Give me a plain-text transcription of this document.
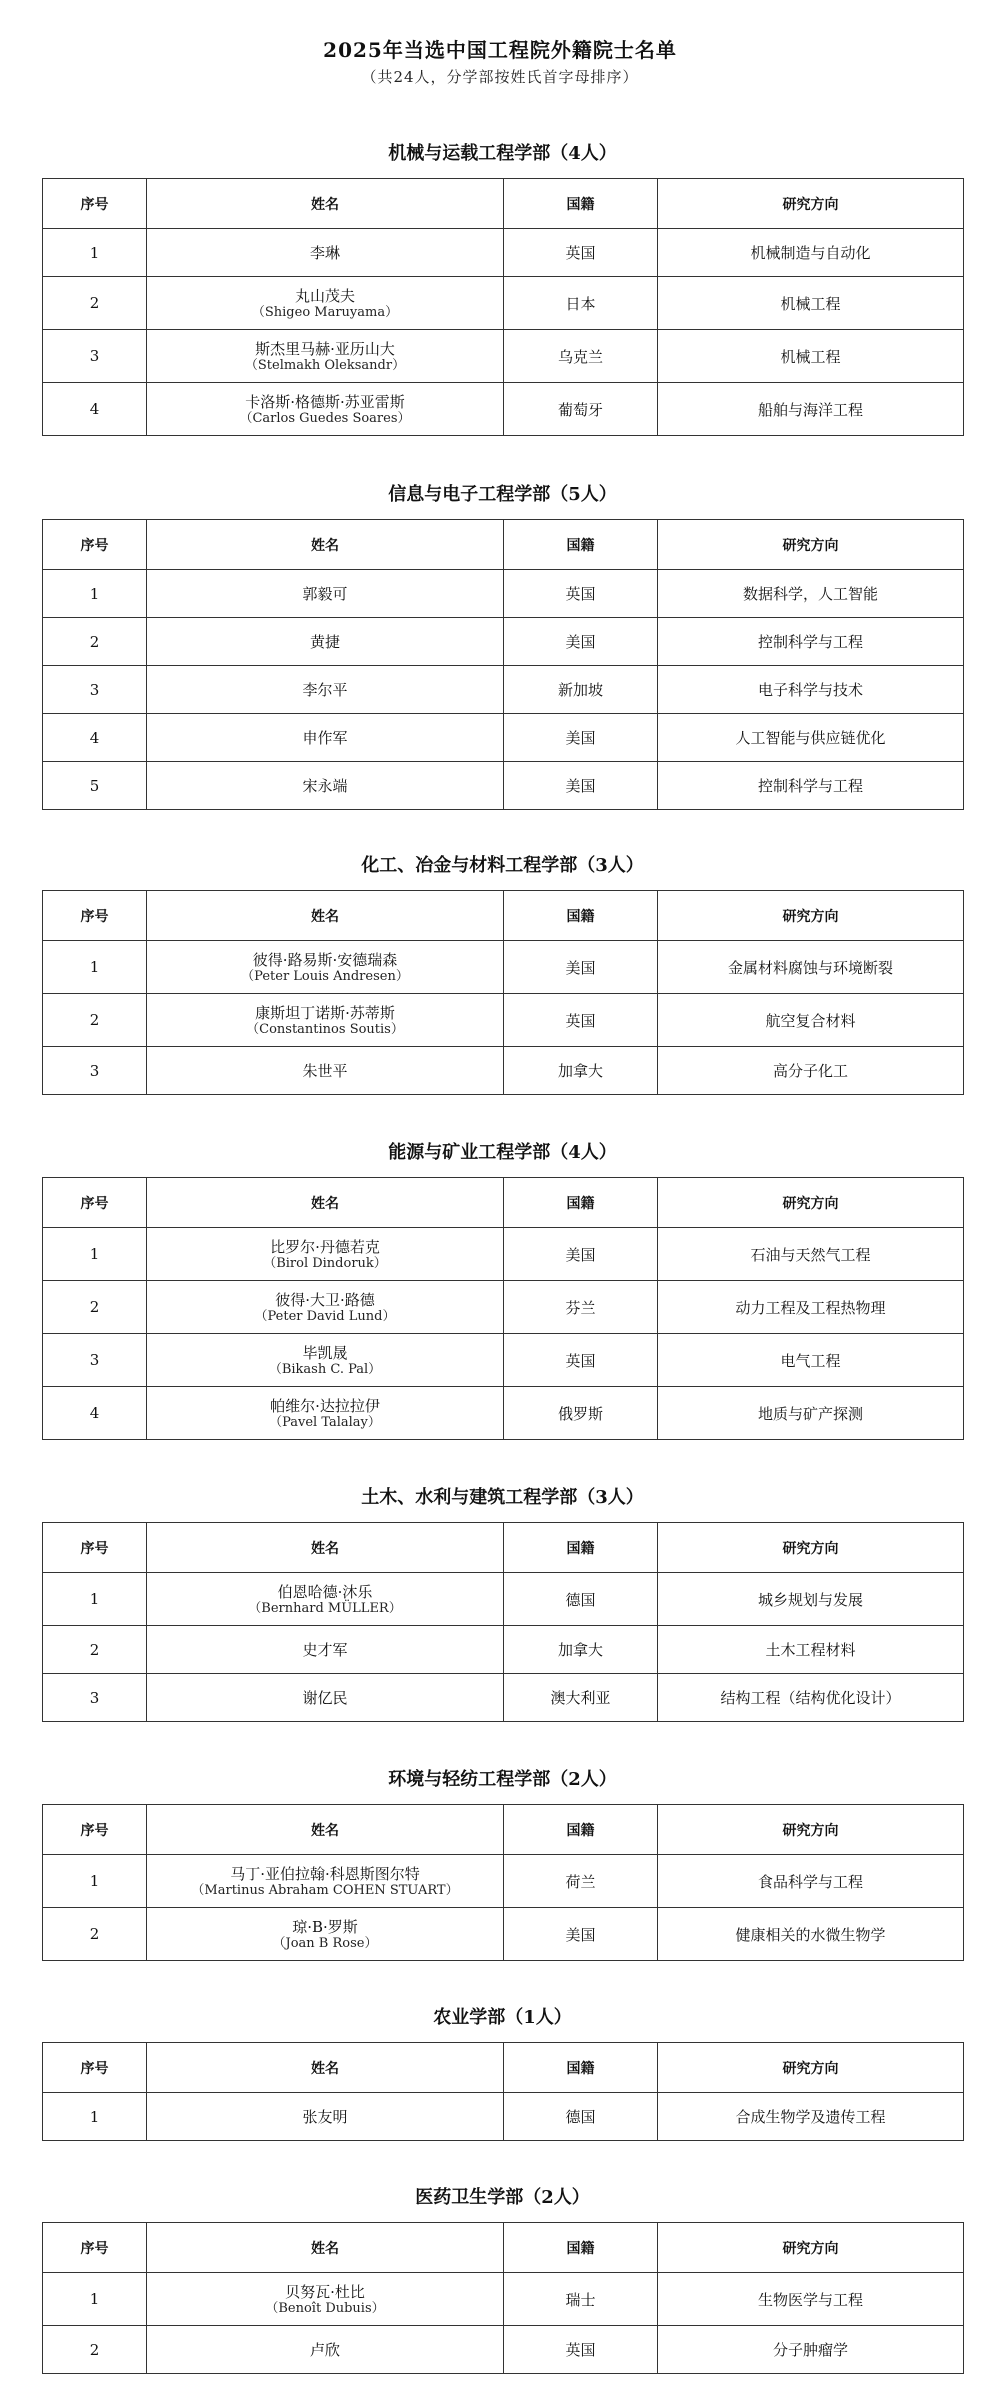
2025年当选中国工程院外籍院士名单
（共24人，分学部按姓氏首字母排序）
机械与运载工程学部（4人）
序号	姓名	国籍	研究方向
1	李琳	英国	机械制造与自动化
2	丸山茂夫
（Shigeo Maruyama）	日本	机械工程
3	斯杰里马赫·亚历山大
（Stelmakh Oleksandr）	乌克兰	机械工程
4	卡洛斯·格德斯·苏亚雷斯
（Carlos Guedes Soares）	葡萄牙	船舶与海洋工程
信息与电子工程学部（5人）
序号	姓名	国籍	研究方向
1	郭毅可	英国	数据科学，人工智能
2	黄捷	美国	控制科学与工程
3	李尔平	新加坡	电子科学与技术
4	申作军	美国	人工智能与供应链优化
5	宋永端	美国	控制科学与工程
化工、冶金与材料工程学部（3人）
序号	姓名	国籍	研究方向
1	彼得·路易斯·安德瑞森
（Peter Louis Andresen）	美国	金属材料腐蚀与环境断裂
2	康斯坦丁诺斯·苏蒂斯
（Constantinos Soutis）	英国	航空复合材料
3	朱世平	加拿大	高分子化工
能源与矿业工程学部（4人）
序号	姓名	国籍	研究方向
1	比罗尔·丹德若克
（Birol Dindoruk）	美国	石油与天然气工程
2	彼得·大卫·路德
（Peter David Lund）	芬兰	动力工程及工程热物理
3	毕凯晟
（Bikash C. Pal）	英国	电气工程
4	帕维尔·达拉拉伊
（Pavel Talalay）	俄罗斯	地质与矿产探测
土木、水利与建筑工程学部（3人）
序号	姓名	国籍	研究方向
1	伯恩哈德·沐乐
（Bernhard MÜLLER）	德国	城乡规划与发展
2	史才军	加拿大	土木工程材料
3	谢亿民	澳大利亚	结构工程（结构优化设计）
环境与轻纺工程学部（2人）
序号	姓名	国籍	研究方向
1	马丁·亚伯拉翰·科恩斯图尔特
（Martinus Abraham COHEN STUART）	荷兰	食品科学与工程
2	琼·B·罗斯
（Joan B Rose）	美国	健康相关的水微生物学
农业学部（1人）
序号	姓名	国籍	研究方向
1	张友明	德国	合成生物学及遗传工程
医药卫生学部（2人）
序号	姓名	国籍	研究方向
1	贝努瓦·杜比
（Benoît Dubuis）	瑞士	生物医学与工程
2	卢欣	英国	分子肿瘤学
